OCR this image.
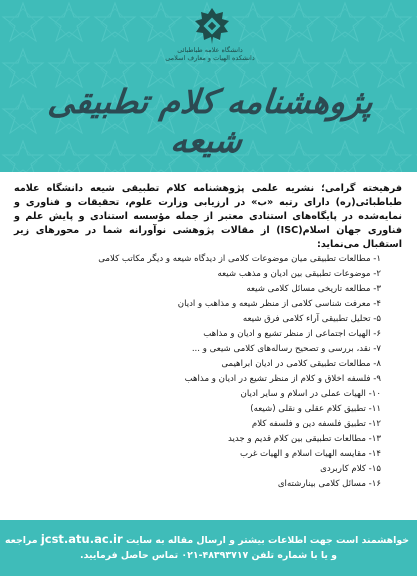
دانشگاه علامه طباطبائی
دانشکده الهیات و معارف اسلامی
پژوهشنامه کلام تطبیقی شیعه
فرهیخته گرامی؛ نشریه علمی پژوهشنامه کلام تطبیقی شیعه دانشگاه علامه طباطبائی(ره) دارای رتبه «ب» در ارزیابی وزارت علوم، تحقیقات و فناوری و نمایه‌شده در پایگاه‌های استنادی معتبر از جمله مؤسسه استنادی و پایش علم و فناوری جهان اسلام(ISC) از مقالات پژوهشی نوآورانه شما در محورهای زیر استقبال می‌نماید:
۱- مطالعات تطبیقی میان موضوعات کلامی از دیدگاه شیعه و دیگر مکاتب کلامی
۲- موضوعات تطبیقی بین ادیان و مذهب شیعه
۳- مطالعه تاریخی مسائل کلامی شیعه
۴- معرفت شناسی کلامی از منظر شیعه و مذاهب و ادیان
۵- تحلیل تطبیقی آراء کلامی فرق شیعه
۶- الهیات اجتماعی از منظر تشیع و ادیان و مذاهب
۷- نقد، بررسی و تصحیح رساله‌های کلامی شیعی و ...
۸- مطالعات تطبیقی کلامی در ادیان ابراهیمی
۹- فلسفه اخلاق و کلام از منظر تشیع در ادیان و مذاهب
۱۰- الهیات عملی در اسلام و سایر ادیان
۱۱- تطبیق کلام عقلی و نقلی (شیعه)
۱۲- تطبیق فلسفه دین و فلسفه کلام
۱۳- مطالعات تطبیقی بین کلام قدیم و جدید
۱۴- مقایسه الهیات اسلام و الهیات غرب
۱۵- کلام کاربردی
۱۶- مسائل کلامی بینارشته‌ای
خواهشمند است جهت اطلاعات بیشتر و ارسال مقاله به سایت jcst.atu.ac.ir مراجعه
و یا با شماره تلفن ۴۸۳۹۳۷۱۷-۰۲۱ تماس حاصل فرمایید.
